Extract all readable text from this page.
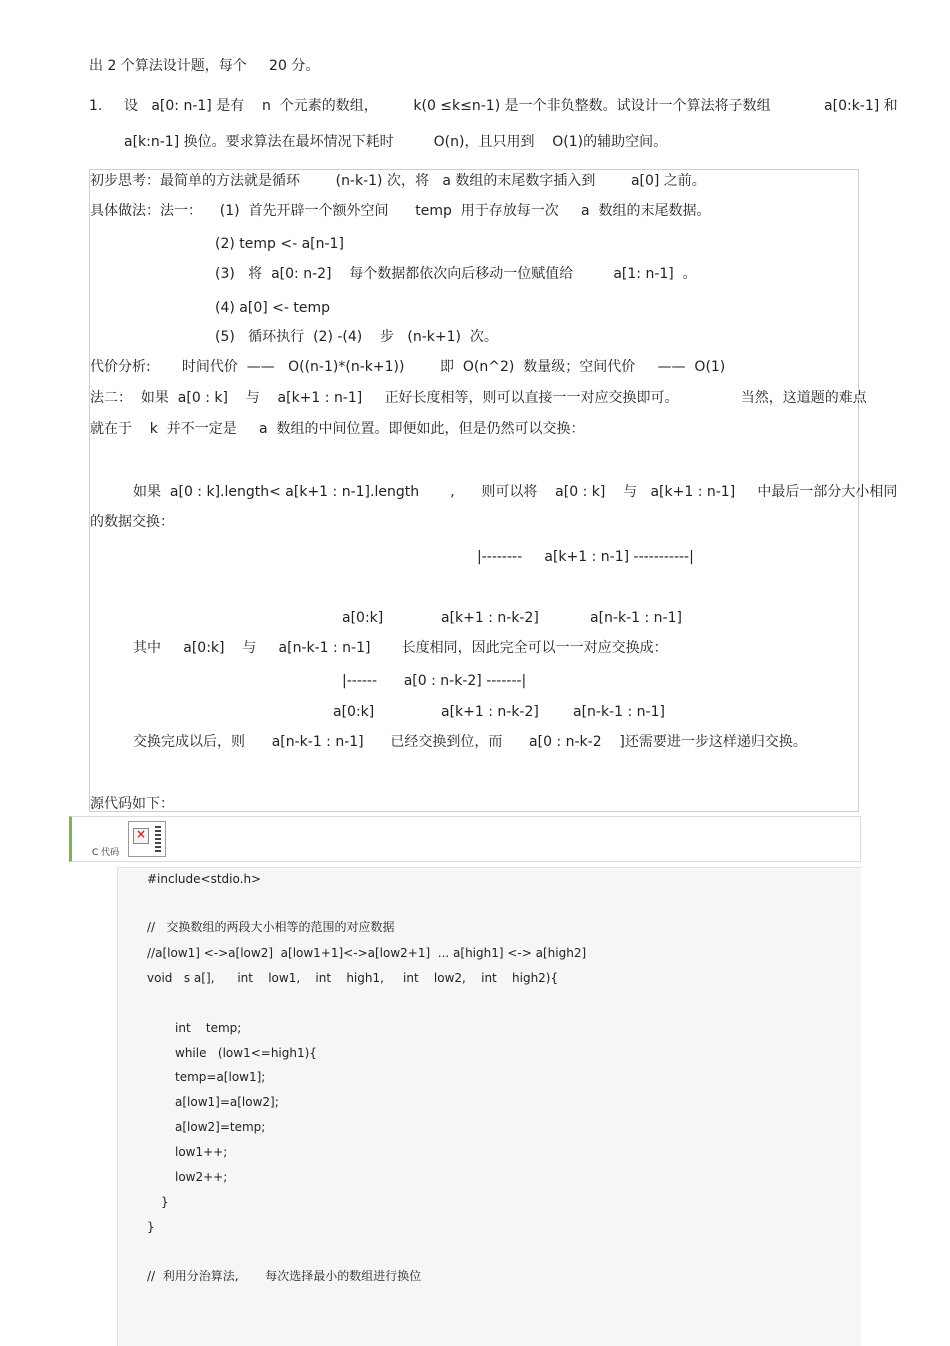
出 2 个算法设计题，每个     20 分。
1. 设   a[0: n-1] 是有    n  个元素的数组，        k(0 ≤k≤n-1) 是一个非负整数。试设计一个算法将子数组            a[0:k-1] 和
a[k:n-1] 换位。要求算法在最坏情况下耗时         O(n)，且只用到    O(1)的辅助空间。
初步思考：最简单的方法就是循环        (n-k-1) 次，将   a 数组的末尾数字插入到        a[0] 之前。
具体做法：法一：    (1)  首先开辟一个额外空间      temp  用于存放每一次     a  数组的末尾数据。
(2) temp <- a[n-1]
(3)   将  a[0: n-2]    每个数据都依次向后移动一位赋值给         a[1: n-1]  。
(4) a[0] <- temp
(5)   循环执行  (2) -(4)    步   (n-k+1)  次。
代价分析:       时间代价  ——   O((n-1)*(n-k+1))        即  O(n^2)  数量级；空间代价     ——  O(1)
法二：  如果  a[0 : k]    与    a[k+1 : n-1]     正好长度相等，则可以直接一一对应交换即可。              当然，这道题的难点
就在于    k  并不一定是     a  数组的中间位置。即便如此，但是仍然可以交换：
如果  a[0 : k].length< a[k+1 : n-1].length       ,      则可以将    a[0 : k]    与   a[k+1 : n-1]     中最后一部分大小相同
的数据交换：
|--------     a[k+1 : n-1] -----------|
a[0:k]	a[k+1 : n-k-2]	a[n-k-1 : n-1]
其中     a[0:k]    与     a[n-k-1 : n-1]       长度相同，因此完全可以一一对应交换成：
|------      a[0 : n-k-2] -------|
a[0:k]	a[k+1 : n-k-2] a[n-k-1 : n-1]
交换完成以后，则      a[n-k-1 : n-1]      已经交换到位，而      a[0 : n-k-2    ]还需要进一步这样递归交换。
源代码如下：
C 代码
×
#include<stdio.h>
//   交换数组的两段大小相等的范围的对应数据
//a[low1] <->a[low2]  a[low1+1]<->a[low2+1]  ... a[high1] <-> a[high2]
void   s a[],      int    low1,    int    high1,     int    low2,    int    high2){
int    temp;
while   (low1<=high1){
temp=a[low1];
a[low1]=a[low2];
a[low2]=temp;
low1++;
low2++;
}
}
//  利用分治算法,       每次选择最小的数组进行换位
